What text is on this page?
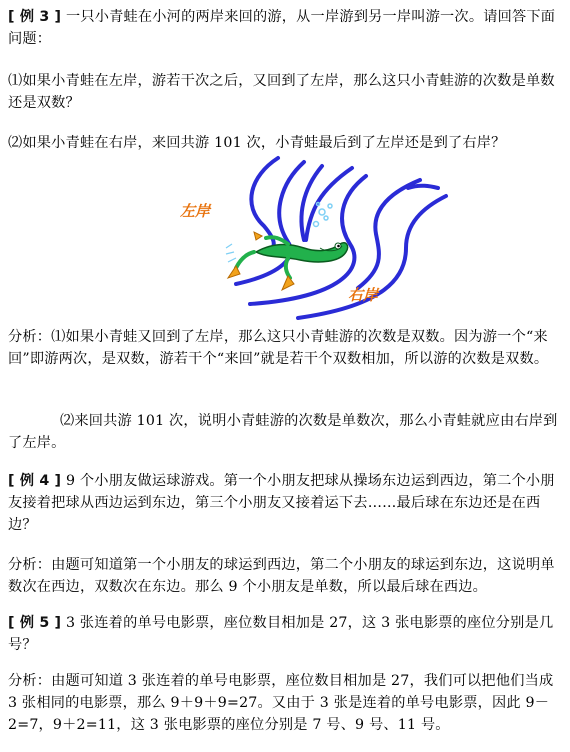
[ 例 3 ] 一只小青蛙在小河的两岸来回的游，从一岸游到另一岸叫游一次。请回答下面问题：

⑴如果小青蛙在左岸，游若干次之后，又回到了左岸，那么这只小青蛙游的次数是单数还是双数？

⑵如果小青蛙在右岸，来回共游 101 次，小青蛙最后到了左岸还是到了右岸？

左岸
右岸

分析：⑴如果小青蛙又回到了左岸，那么这只小青蛙游的次数是双数。因为游一个“来回”即游两次，是双数，游若干个“来回”就是若干个双数相加，所以游的次数是双数。

⑵来回共游 101 次，说明小青蛙游的次数是单数次，那么小青蛙就应由右岸到了左岸。

[ 例 4 ] 9 个小朋友做运球游戏。第一个小朋友把球从操场东边运到西边，第二个小朋友接着把球从西边运到东边，第三个小朋友又接着运下去……最后球在东边还是在西边？

分析：由题可知道第一个小朋友的球运到西边，第二个小朋友的球运到东边，这说明单数次在西边，双数次在东边。那么 9 个小朋友是单数，所以最后球在西边。

[ 例 5 ] 3 张连着的单号电影票，座位数目相加是 27，这 3 张电影票的座位分别是几号？

分析：由题可知道 3 张连着的单号电影票，座位数目相加是 27，我们可以把他们当成 3 张相同的电影票，那么 9＋9＋9=27。又由于 3 张是连着的单号电影票，因此 9－2=7，9＋2=11，这 3 张电影票的座位分别是 7 号、9 号、11 号。
